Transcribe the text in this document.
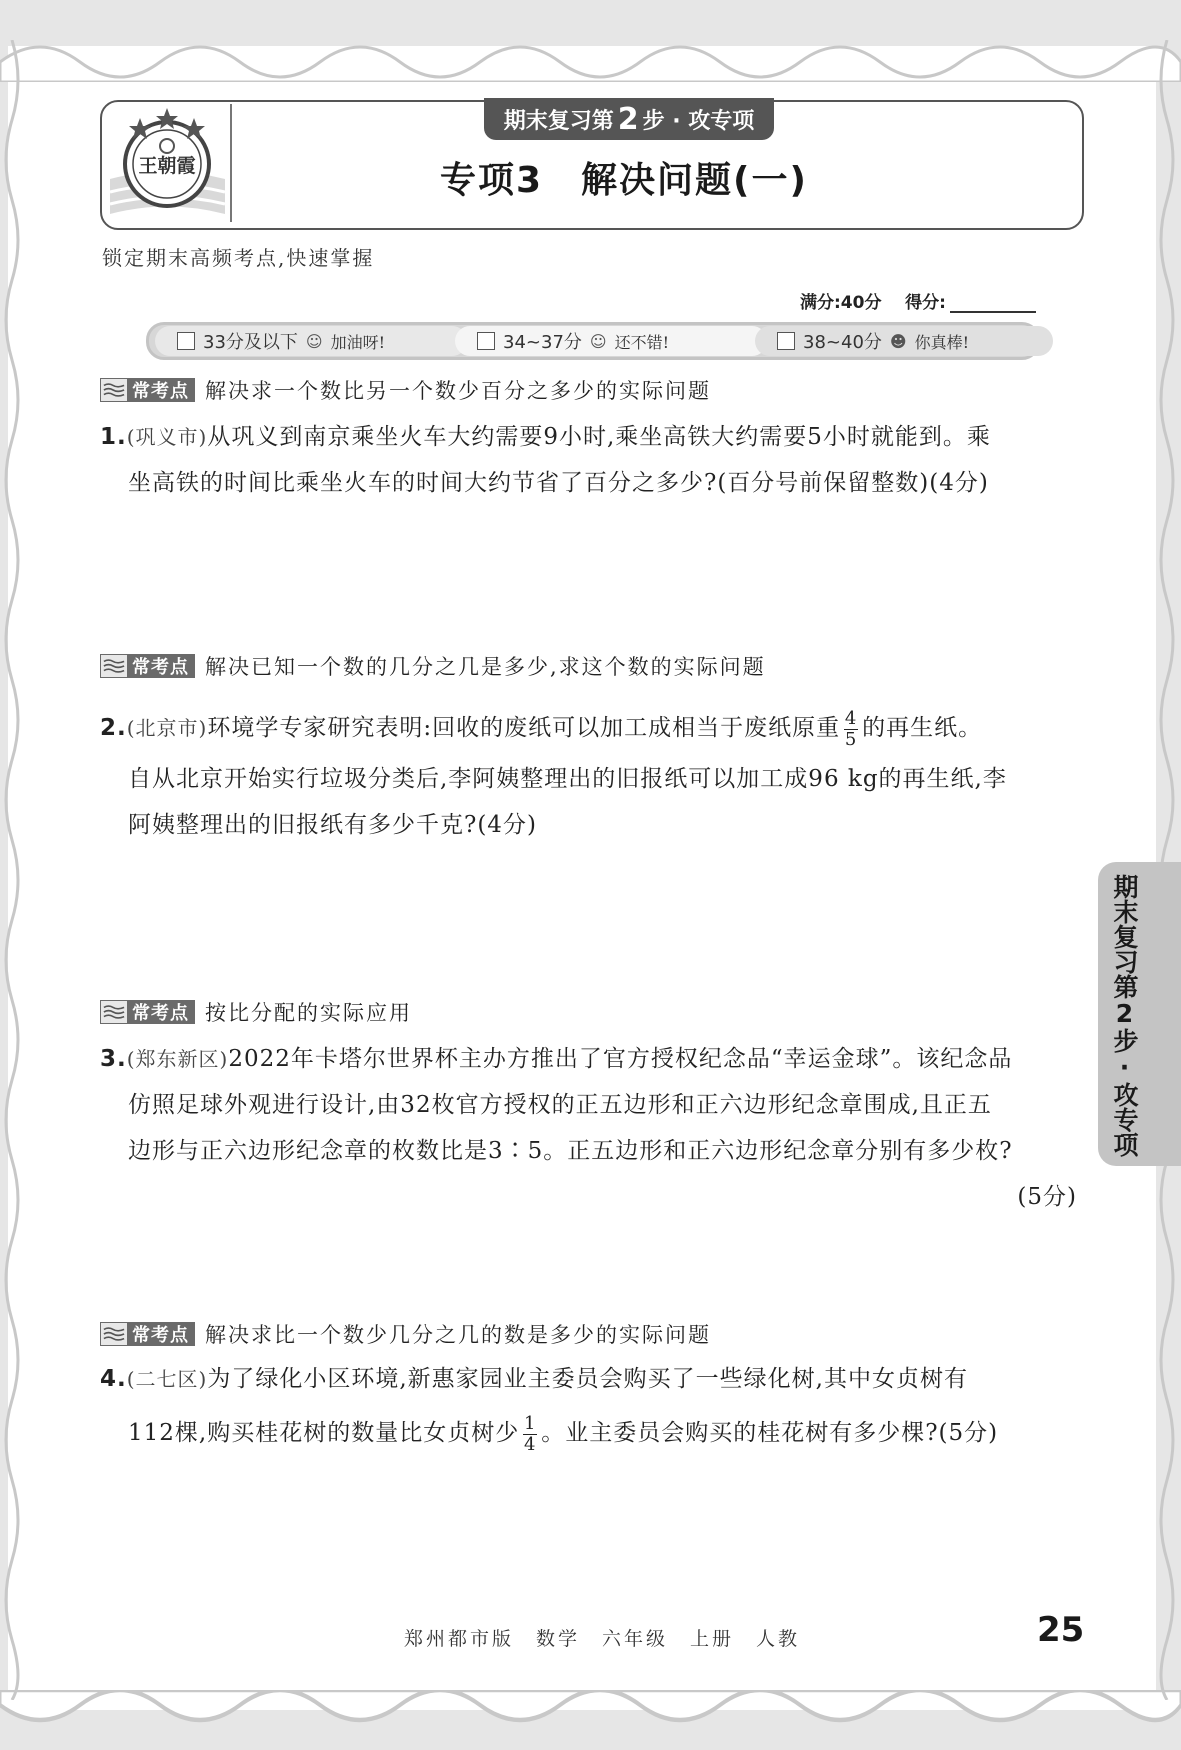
王朝霞
期末复习第 2 步 · 攻专项
专项3　解决问题(一)
锁定期末高频考点,快速掌握
满分:40分 得分:
33分及以下 ☺ 加油呀!	34~37分 ☺ 还不错!	38~40分 ☻ 你真棒!
常考点 解决求一个数比另一个数少百分之多少的实际问题
1.(巩义市)从巩义到南京乘坐火车大约需要9小时,乘坐高铁大约需要5小时就能到。乘
坐高铁的时间比乘坐火车的时间大约节省了百分之多少?(百分号前保留整数)(4分)
常考点 解决已知一个数的几分之几是多少,求这个数的实际问题
2.(北京市)环境学专家研究表明:回收的废纸可以加工成相当于废纸原重 $\frac{4}{5}$ 的再生纸。
自从北京开始实行垃圾分类后,李阿姨整理出的旧报纸可以加工成96 kg的再生纸,李
阿姨整理出的旧报纸有多少千克?(4分)
常考点 按比分配的实际应用
3.(郑东新区)2022年卡塔尔世界杯主办方推出了官方授权纪念品“幸运金球”。该纪念品
仿照足球外观进行设计,由32枚官方授权的正五边形和正六边形纪念章围成,且正五
边形与正六边形纪念章的枚数比是3∶5。正五边形和正六边形纪念章分别有多少枚?
(5分)
常考点 解决求比一个数少几分之几的数是多少的实际问题
4.(二七区)为了绿化小区环境,新惠家园业主委员会购买了一些绿化树,其中女贞树有
112棵,购买桂花树的数量比女贞树少 $\frac{1}{4}$ 。业主委员会购买的桂花树有多少棵?(5分)
期末复习第2步·攻专项
郑州都市版　数学　六年级　上册　人教	25
